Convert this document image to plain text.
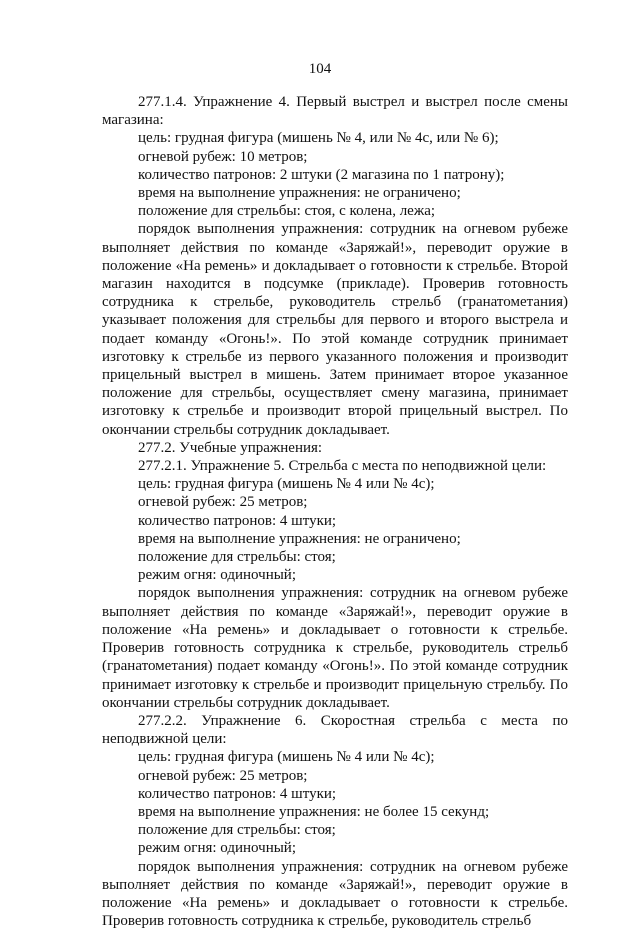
104

277.1.4. Упражнение 4. Первый выстрел и выстрел после смены магазина:

цель: грудная фигура (мишень № 4, или № 4с, или № 6);

огневой рубеж: 10 метров;

количество патронов: 2 штуки (2 магазина по 1 патрону);

время на выполнение упражнения: не ограничено;

положение для стрельбы: стоя, с колена, лежа;

порядок выполнения упражнения: сотрудник на огневом рубеже выполняет действия по команде «Заряжай!», переводит оружие в положение «На ремень» и докладывает о готовности к стрельбе. Второй магазин находится в подсумке (прикладе). Проверив готовность сотрудника к стрельбе, руководитель стрельб (гранатометания) указывает положения для стрельбы для первого и второго выстрела и подает команду «Огонь!». По этой команде сотрудник принимает изготовку к стрельбе из первого указанного положения и производит прицельный выстрел в мишень. Затем принимает второе указанное положение для стрельбы, осуществляет смену магазина, принимает изготовку к стрельбе и производит второй прицельный выстрел. По окончании стрельбы сотрудник докладывает.

277.2. Учебные упражнения:

277.2.1. Упражнение 5. Стрельба с места по неподвижной цели:

цель: грудная фигура (мишень № 4 или № 4с);

огневой рубеж: 25 метров;

количество патронов: 4 штуки;

время на выполнение упражнения: не ограничено;

положение для стрельбы: стоя;

режим огня: одиночный;

порядок выполнения упражнения: сотрудник на огневом рубеже выполняет действия по команде «Заряжай!», переводит оружие в положение «На ремень» и докладывает о готовности к стрельбе. Проверив готовность сотрудника к стрельбе, руководитель стрельб (гранатометания) подает команду «Огонь!». По этой команде сотрудник принимает изготовку к стрельбе и производит прицельную стрельбу. По окончании стрельбы сотрудник докладывает.

277.2.2. Упражнение 6. Скоростная стрельба с места по неподвижной цели:

цель: грудная фигура (мишень № 4 или № 4с);

огневой рубеж: 25 метров;

количество патронов: 4 штуки;

время на выполнение упражнения: не более 15 секунд;

положение для стрельбы: стоя;

режим огня: одиночный;

порядок выполнения упражнения: сотрудник на огневом рубеже выполняет действия по команде «Заряжай!», переводит оружие в положение «На ремень» и докладывает о готовности к стрельбе. Проверив готовность сотрудника к стрельбе, руководитель стрельб
